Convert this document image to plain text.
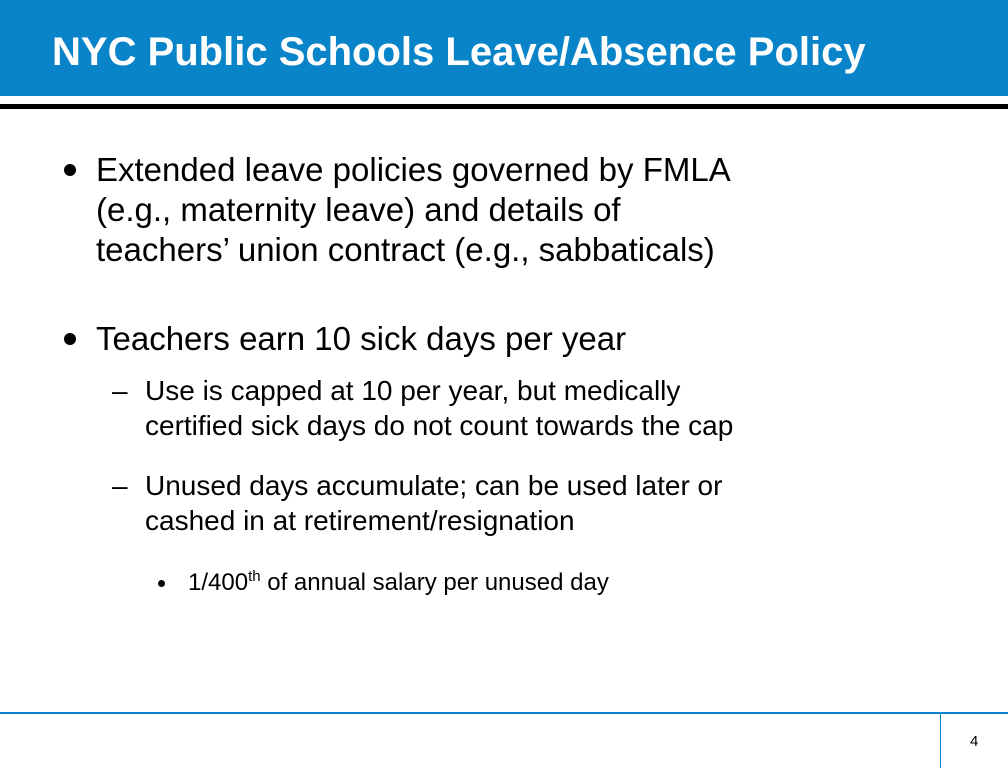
NYC Public Schools Leave/Absence Policy
Extended leave policies governed by FMLA
(e.g., maternity leave) and details of
teachers’ union contract (e.g., sabbaticals)
Teachers earn 10 sick days per year
– Use is capped at 10 per year, but medically
certified sick days do not count towards the cap
– Unused days accumulate; can be used later or
cashed in at retirement/resignation
1/400th of annual salary per unused day
4
